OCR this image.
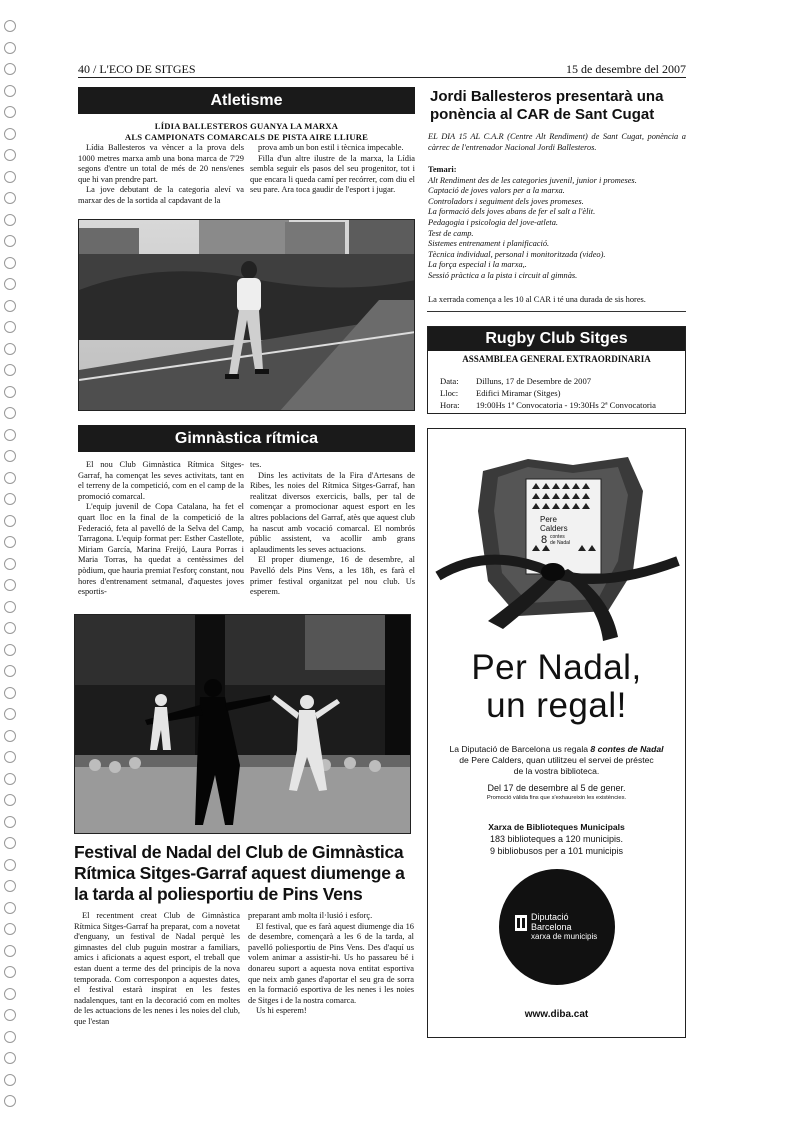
40 / L'ECO DE SITGES	15 de desembre del 2007
Atletisme
LÍDIA BALLESTEROS GUANYA LA MARXA
ALS CAMPIONATS COMARCALS DE PISTA AIRE LLIURE

Lídia Ballesteros va vèncer a la prova dels 1000 metres marxa amb una bona marca de 7'29 segons d'entre un total de més de 20 nens/enes que hi van prendre part.

La jove debutant de la categoria aleví va marxar des de la sortida al capdavant de la

prova amb un bon estil i tècnica impecable.

Filla d'un altre ilustre de la marxa, la Lídia sembla seguir els pasos del seu progenitor, tot i que encara li queda camí per recórrer, com diu el seu pare. Ara toca gaudir de l'esport i jugar.

Gimnàstica rítmica

El nou Club Gimnàstica Rítmica Sitges-Garraf, ha començat les seves activitats, tant en el terreny de la competició, com en el camp de la promoció comarcal.

L'equip juvenil de Copa Catalana, ha fet el quart lloc en la final de la competició de la Federació, feta al pavelló de la Selva del Camp, Tarragona. L'equip format per: Esther Castellote, Miriam García, Marina Freijó, Laura Porras i Maria Torras, ha quedat a centèssimes del pòdium, que hauria premiat l'esforç constant, nou hores d'entrenament setmanal, d'aquestes joves esportis-

tes.

Dins les activitats de la Fira d'Artesans de Ribes, les noies del Rítmica Sitges-Garraf, han realitzat diversos exercicis, balls, per tal de començar a promocionar aquest esport en les altres poblacions del Garraf, atès que aquest club ha nascut amb vocació comarcal. El nombrós públic assistent, va acollir amb grans aplaudiments les seves actuacions.

El proper diumenge, 16 de desembre, al Pavelló dels Pins Vens, a les 18h, es farà el primer festival organitzat pel nou club. Us esperem.

Festival de Nadal del Club de Gimnàstica
Rítmica Sitges-Garraf aquest diumenge a
la tarda al poliesportiu de Pins Vens

El recentment creat Club de Gimnàstica Rítmica Sitges-Garraf ha preparat, com a novetat d'enguany, un festival de Nadal perquè les gimnastes del club puguin mostrar a familiars, amics i aficionats a aquest esport, el treball que estan duent a terme des del principis de la nova temporada. Com corresponpon a aquestes dates, el festival estarà inspirat en les festes nadalenques, tant en la decoració com en moltes de les actuacions de les nenes i les noies del club, que l'estan

preparant amb molta il·lusió i esforç.

El festival, que es farà aquest diumenge dia 16 de desembre, començarà a les 6 de la tarda, al pavelló poliesportiu de Pins Vens. Des d'aquí us volem animar a assistir-hi. Us ho passareu bé i donareu suport a aquesta nova entitat esportiva que neix amb ganes d'aportar el seu gra de sorra en la formació esportiva de les nenes i les noies de Sitges i de la nostra comarca.

Us hi esperem!

Jordi Ballesteros presentarà una
ponència al CAR de Sant Cugat

EL DIA 15 AL C.A.R (Centre Alt Rendiment) de Sant Cugat, ponència a càrrec de l'entrenador Nacional Jordi Ballesteros.

Temari:
Alt Rendiment des de les categories juvenil, junior i promeses.
Captació de joves valors per a la marxa.
Controladors i seguiment dels joves promeses.
La formació dels joves abans de fer el salt a l'èlit.
Pedagogia i psicologia del jove-atleta.
Test de camp.
Sistemes entrenament i planificació.
Tècnica individual, personal i monitoritzada (video).
La força especial i la marxa,.
Sessió pràctica a la pista i circuit al gimnàs.
La xerrada comença a les 10 al CAR i té una durada de sis hores.
Rugby Club Sitges
ASSAMBLEA GENERAL EXTRAORDINARIA
Data: Dilluns, 17 de Desembre de 2007
Lloc: Edifici Miramar (Sitges)
Hora: 19:00Hs 1ª Convocatoria - 19:30Hs 2ª Convocatoria
Pere
Calders
8 contes
de Nadal
Per Nadal,
un regal!
La Diputació de Barcelona us regala 8 contes de Nadal
de Pere Calders, quan utilitzeu el servei de préstec
de la vostra biblioteca.
Del 17 de desembre al 5 de gener.
Promoció vàlida fins que s'exhaureixin les existències.
Xarxa de Biblioteques Municipals
183 biblioteques a 120 municipis.
9 bibliobusos per a 101 municipis
Diputació
Barcelona
xarxa de municipis
www.diba.cat
